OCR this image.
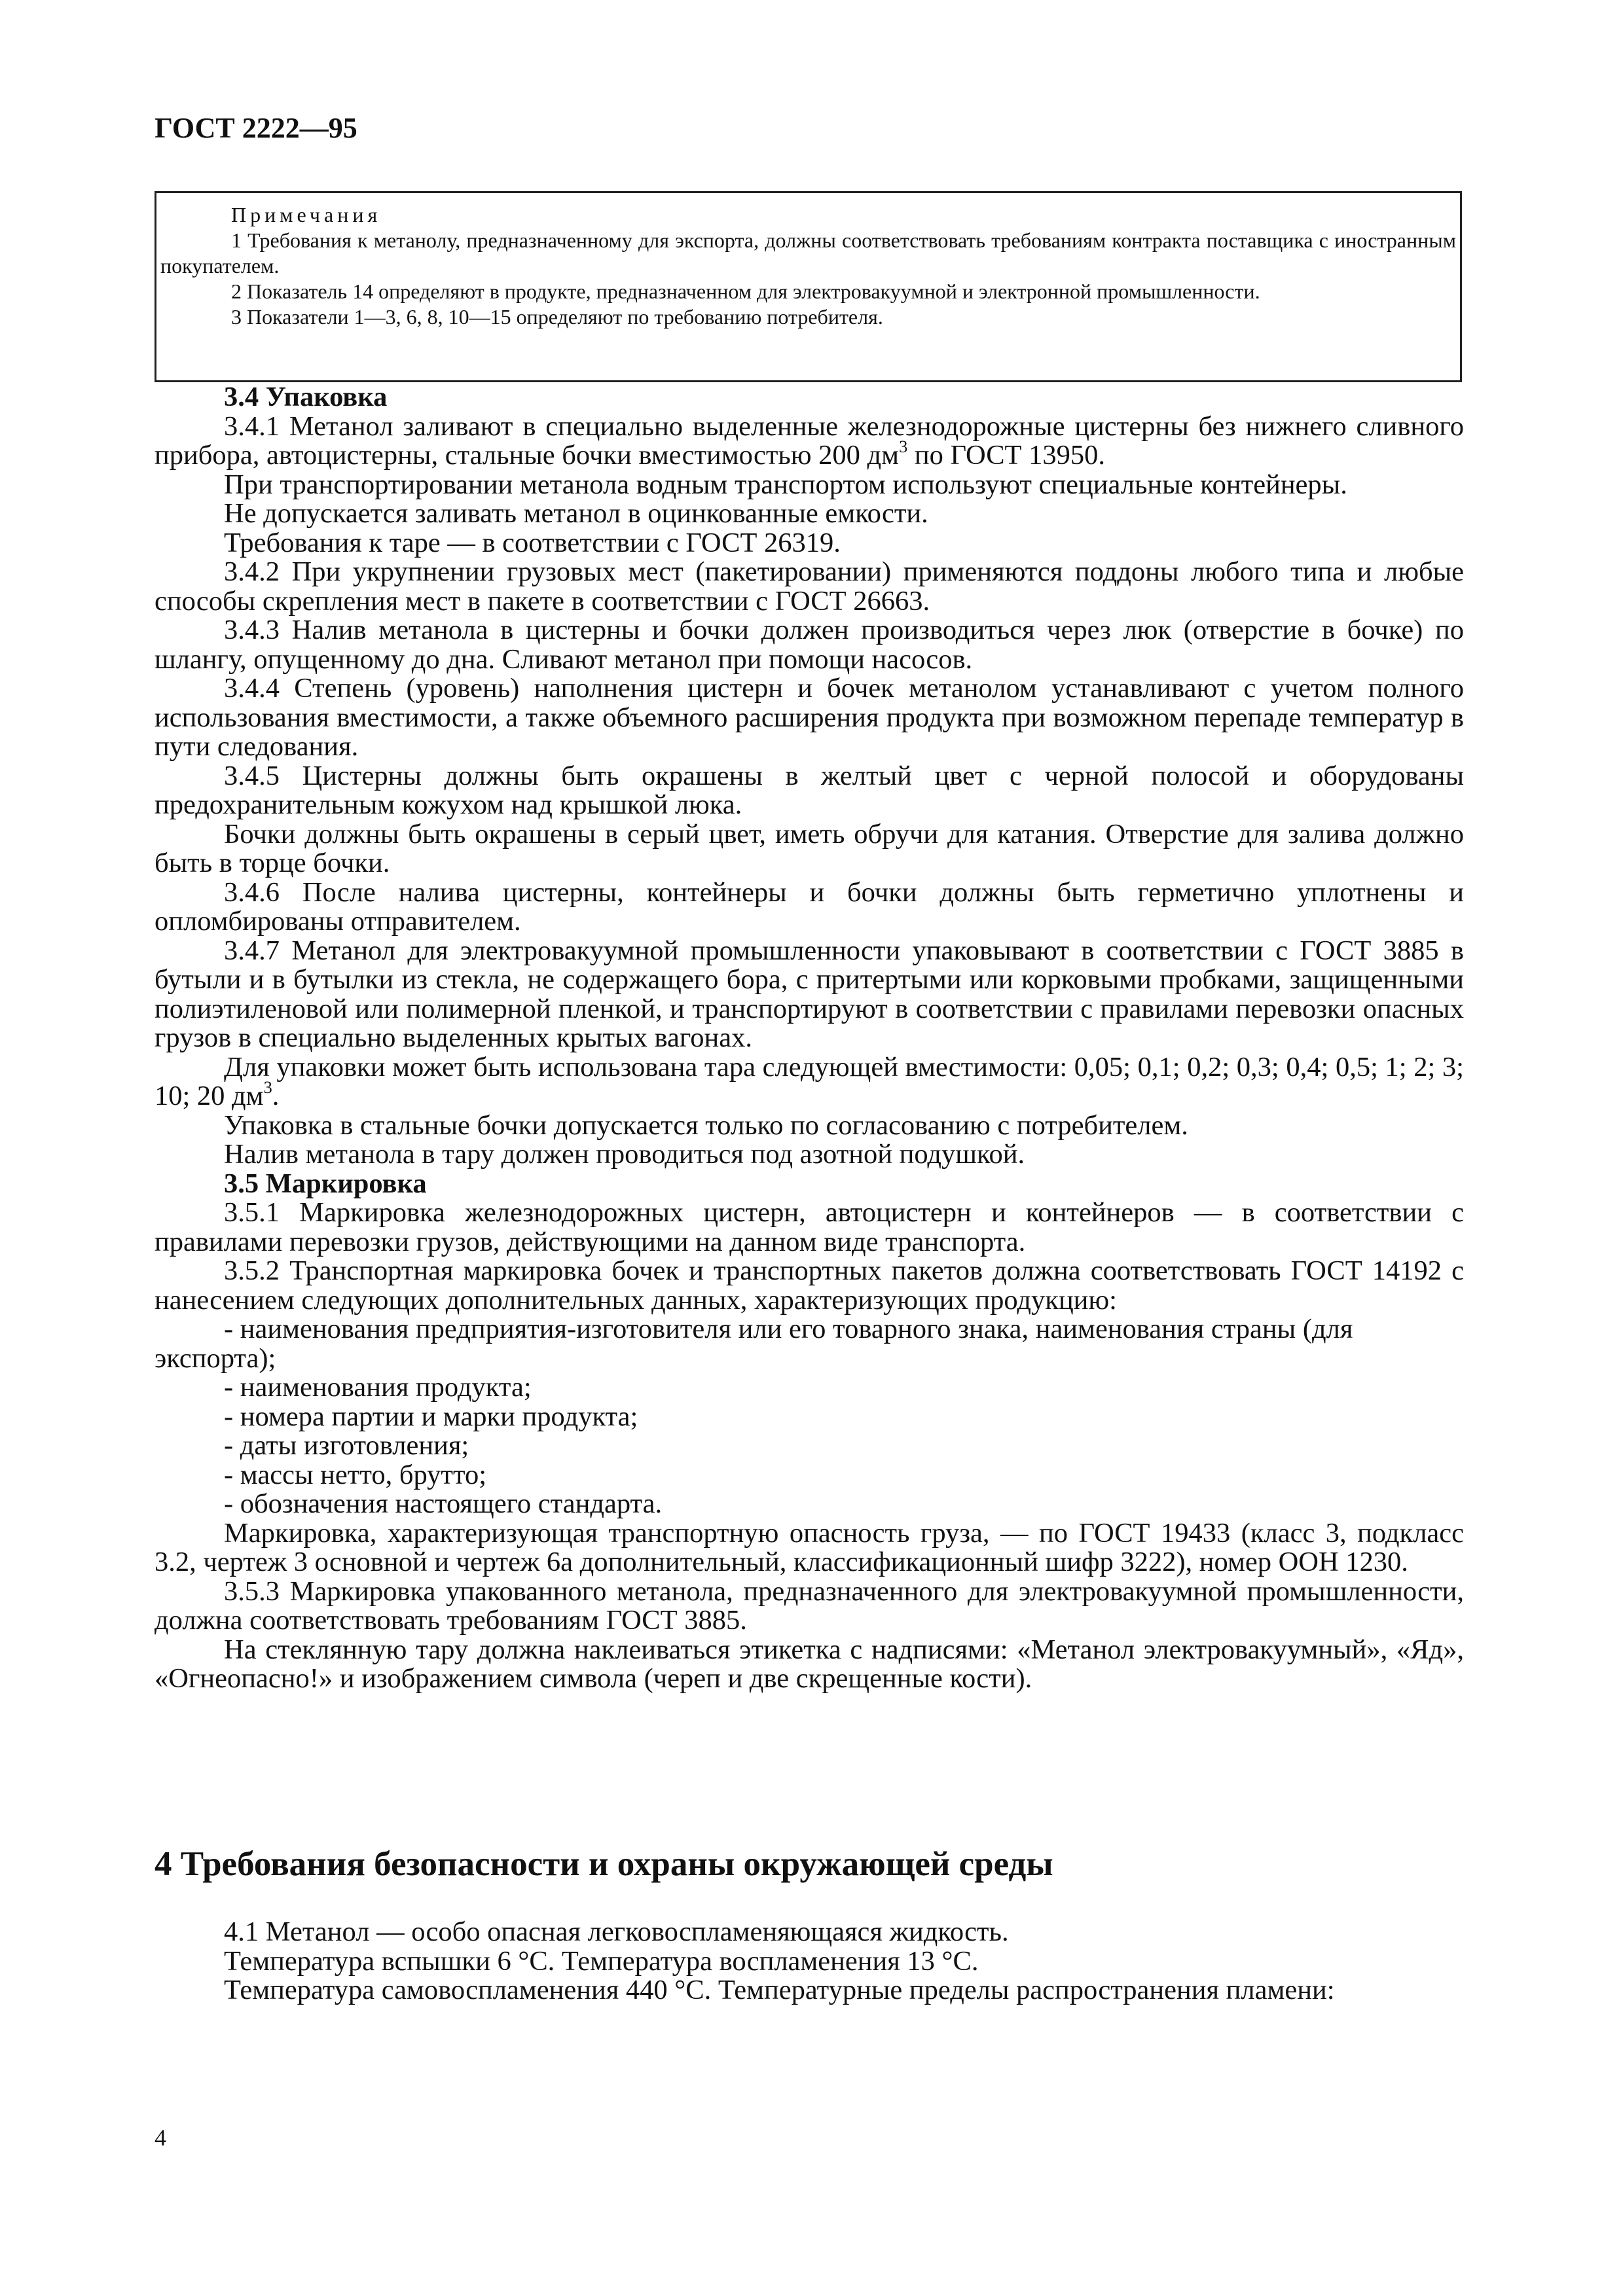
ГОСТ 2222—95

Примечания

1 Требования к метанолу, предназначенному для экспорта, должны соответствовать требованиям контракта поставщика с иностранным покупателем.

2 Показатель 14 определяют в продукте, предназначенном для электровакуумной и электронной промышленности.

3 Показатели 1—3, 6, 8, 10—15 определяют по требованию потребителя.

3.4 Упаковка

3.4.1 Метанол заливают в специально выделенные железнодорожные цистерны без нижнего сливного прибора, автоцистерны, стальные бочки вместимостью 200 $дм^3$ по ГОСТ 13950.

При транспортировании метанола водным транспортом используют специальные контейнеры.

Не допускается заливать метанол в оцинкованные емкости.

Требования к таре — в соответствии с ГОСТ 26319.

3.4.2 При укрупнении грузовых мест (пакетировании) применяются поддоны любого типа и любые способы скрепления мест в пакете в соответствии с ГОСТ 26663.

3.4.3 Налив метанола в цистерны и бочки должен производиться через люк (отверстие в бочке) по шлангу, опущенному до дна. Сливают метанол при помощи насосов.

3.4.4 Степень (уровень) наполнения цистерн и бочек метанолом устанавливают с учетом полного использования вместимости, а также объемного расширения продукта при возможном перепаде температур в пути следования.

3.4.5 Цистерны должны быть окрашены в желтый цвет с черной полосой и оборудованы предохранительным кожухом над крышкой люка.

Бочки должны быть окрашены в серый цвет, иметь обручи для катания. Отверстие для залива должно быть в торце бочки.

3.4.6 После налива цистерны, контейнеры и бочки должны быть герметично уплотнены и опломбированы отправителем.

3.4.7 Метанол для электровакуумной промышленности упаковывают в соответствии с ГОСТ 3885 в бутыли и в бутылки из стекла, не содержащего бора, с притертыми или корковыми пробками, защищенными полиэтиленовой или полимерной пленкой, и транспортируют в соответствии с правилами перевозки опасных грузов в специально выделенных крытых вагонах.

Для упаковки может быть использована тара следующей вместимости: 0,05; 0,1; 0,2; 0,3; 0,4; 0,5; 1; 2; 3; 10; 20 $дм^3$.

Упаковка в стальные бочки допускается только по согласованию с потребителем.

Налив метанола в тару должен проводиться под азотной подушкой.

3.5 Маркировка

3.5.1 Маркировка железнодорожных цистерн, автоцистерн и контейнеров — в соответствии с правилами перевозки грузов, действующими на данном виде транспорта.

3.5.2 Транспортная маркировка бочек и транспортных пакетов должна соответствовать ГОСТ 14192 с нанесением следующих дополнительных данных, характеризующих продукцию:

- наименования предприятия-изготовителя или его товарного знака, наименования страны (для экспорта);

- наименования продукта;

- номера партии и марки продукта;

- даты изготовления;

- массы нетто, брутто;

- обозначения настоящего стандарта.

Маркировка, характеризующая транспортную опасность груза, — по ГОСТ 19433 (класс 3, подкласс 3.2, чертеж 3 основной и чертеж 6а дополнительный, классификационный шифр 3222), номер ООН 1230.

3.5.3 Маркировка упакованного метанола, предназначенного для электровакуумной промышленности, должна соответствовать требованиям ГОСТ 3885.

На стеклянную тару должна наклеиваться этикетка с надписями: «Метанол электровакуумный», «Яд», «Огнеопасно!» и изображением символа (череп и две скрещенные кости).

4 Требования безопасности и охраны окружающей среды

4.1 Метанол — особо опасная легковоспламеняющаяся жидкость.

Температура вспышки 6 °С. Температура воспламенения 13 °С.

Температура самовоспламенения 440 °С. Температурные пределы распространения пламени:

4
